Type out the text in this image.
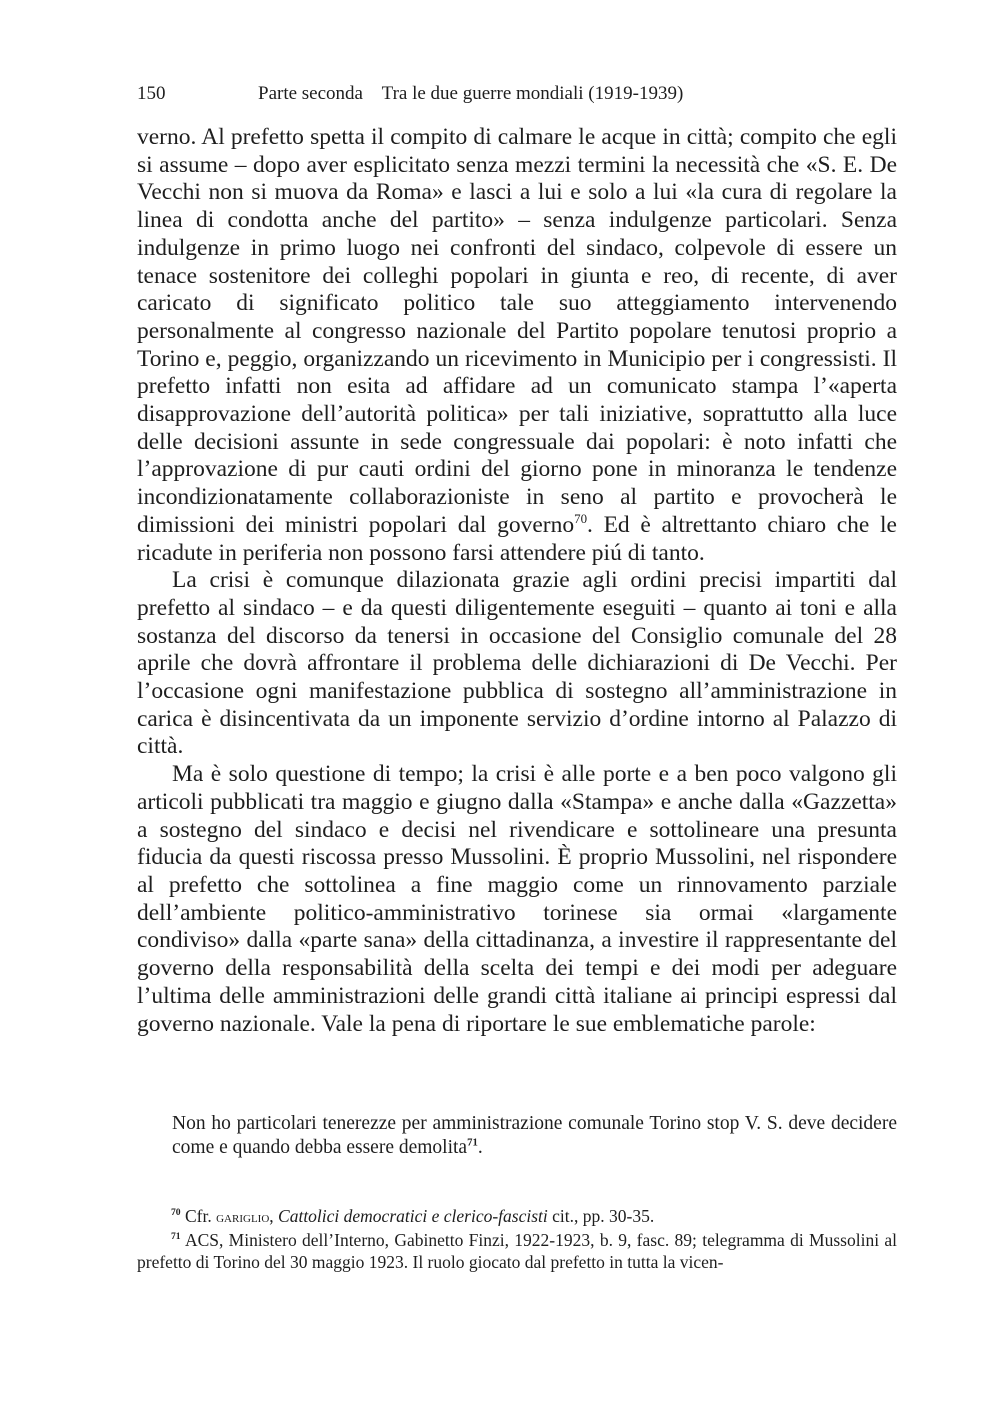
150	Parte seconda    Tra le due guerre mondiali (1919-1939)

verno. Al prefetto spetta il compito di calmare le acque in città; compito che egli si assume – dopo aver esplicitato senza mezzi termini la necessità che «S. E. De Vecchi non si muova da Roma» e lasci a lui e solo a lui «la cura di regolare la linea di condotta anche del partito» – senza indulgenze particolari. Senza indulgenze in primo luogo nei confronti del sindaco, colpevole di essere un tenace sostenitore dei colleghi popolari in giunta e reo, di recente, di aver caricato di significato politico tale suo atteggiamento intervenendo personalmente al congresso nazionale del Partito popolare tenutosi proprio a Torino e, peggio, organizzando un ricevimento in Municipio per i congressisti. Il prefetto infatti non esita ad affidare ad un comunicato stampa l’«aperta disapprovazione dell’autorità politica» per tali iniziative, soprattutto alla luce delle decisioni assunte in sede congressuale dai popolari: è noto infatti che l’approvazione di pur cauti ordini del giorno pone in minoranza le tendenze incondizionatamente collaborazioniste in seno al partito e provocherà le dimissioni dei ministri popolari dal governo$^{70}$. Ed è altrettanto chiaro che le ricadute in periferia non possono farsi attendere piú di tanto.

La crisi è comunque dilazionata grazie agli ordini precisi impartiti dal prefetto al sindaco – e da questi diligentemente eseguiti – quanto ai toni e alla sostanza del discorso da tenersi in occasione del Consiglio comunale del 28 aprile che dovrà affrontare il problema delle dichiarazioni di De Vecchi. Per l’occasione ogni manifestazione pubblica di sostegno all’amministrazione in carica è disincentivata da un imponente servizio d’ordine intorno al Palazzo di città.

Ma è solo questione di tempo; la crisi è alle porte e a ben poco valgono gli articoli pubblicati tra maggio e giugno dalla «Stampa» e anche dalla «Gazzetta» a sostegno del sindaco e decisi nel rivendicare e sottolineare una presunta fiducia da questi riscossa presso Mussolini. È proprio Mussolini, nel rispondere al prefetto che sottolinea a fine maggio come un rinnovamento parziale dell’ambiente politico-amministrativo torinese sia ormai «largamente condiviso» dalla «parte sana» della cittadinanza, a investire il rappresentante del governo della responsabilità della scelta dei tempi e dei modi per adeguare l’ultima delle amministrazioni delle grandi città italiane ai principi espressi dal governo nazionale. Vale la pena di riportare le sue emblematiche parole:

Non ho particolari tenerezze per amministrazione comunale Torino stop V. S. deve decidere come e quando debba essere demolita$^{71}$.

$^{70}$ Cfr. gariglio, Cattolici democratici e clerico-fascisti cit., pp. 30-35.

$^{71}$ ACS, Ministero dell’Interno, Gabinetto Finzi, 1922-1923, b. 9, fasc. 89; telegramma di Mussolini al prefetto di Torino del 30 maggio 1923. Il ruolo giocato dal prefetto in tutta la vicen-
